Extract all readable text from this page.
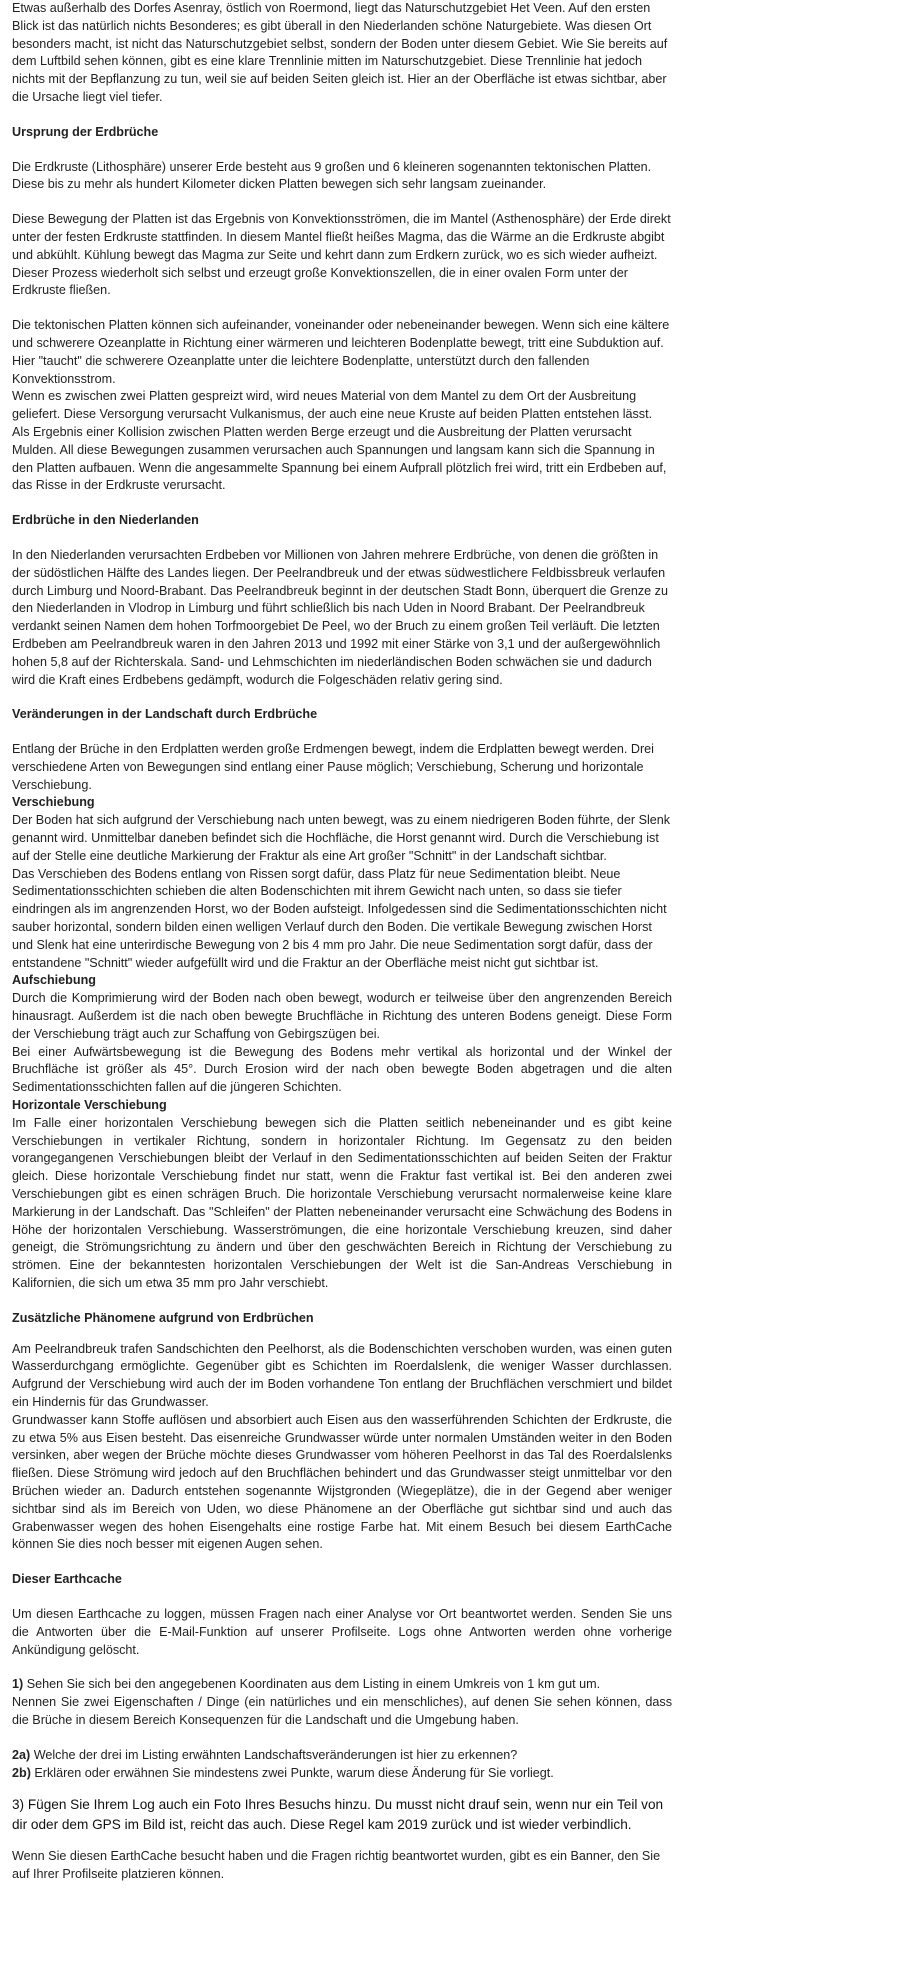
Etwas außerhalb des Dorfes Asenray, östlich von Roermond, liegt das Naturschutzgebiet Het Veen. Auf den ersten Blick ist das natürlich nichts Besonderes; es gibt überall in den Niederlanden schöne Naturgebiete. Was diesen Ort besonders macht, ist nicht das Naturschutzgebiet selbst, sondern der Boden unter diesem Gebiet. Wie Sie bereits auf dem Luftbild sehen können, gibt es eine klare Trennlinie mitten im Naturschutzgebiet. Diese Trennlinie hat jedoch nichts mit der Bepflanzung zu tun, weil sie auf beiden Seiten gleich ist. Hier an der Oberfläche ist etwas sichtbar, aber die Ursache liegt viel tiefer.

Ursprung der Erdbrüche

Die Erdkruste (Lithosphäre) unserer Erde besteht aus 9 großen und 6 kleineren sogenannten tektonischen Platten. Diese bis zu mehr als hundert Kilometer dicken Platten bewegen sich sehr langsam zueinander.

Diese Bewegung der Platten ist das Ergebnis von Konvektionsströmen, die im Mantel (Asthenosphäre) der Erde direkt unter der festen Erdkruste stattfinden. In diesem Mantel fließt heißes Magma, das die Wärme an die Erdkruste abgibt und abkühlt. Kühlung bewegt das Magma zur Seite und kehrt dann zum Erdkern zurück, wo es sich wieder aufheizt. Dieser Prozess wiederholt sich selbst und erzeugt große Konvektionszellen, die in einer ovalen Form unter der Erdkruste fließen.

Die tektonischen Platten können sich aufeinander, voneinander oder nebeneinander bewegen. Wenn sich eine kältere und schwerere Ozeanplatte in Richtung einer wärmeren und leichteren Bodenplatte bewegt, tritt eine Subduktion auf. Hier "taucht" die schwerere Ozeanplatte unter die leichtere Bodenplatte, unterstützt durch den fallenden Konvektionsstrom.

Wenn es zwischen zwei Platten gespreizt wird, wird neues Material von dem Mantel zu dem Ort der Ausbreitung geliefert. Diese Versorgung verursacht Vulkanismus, der auch eine neue Kruste auf beiden Platten entstehen lässt.

Als Ergebnis einer Kollision zwischen Platten werden Berge erzeugt und die Ausbreitung der Platten verursacht Mulden. All diese Bewegungen zusammen verursachen auch Spannungen und langsam kann sich die Spannung in den Platten aufbauen. Wenn die angesammelte Spannung bei einem Aufprall plötzlich frei wird, tritt ein Erdbeben auf, das Risse in der Erdkruste verursacht.

Erdbrüche in den Niederlanden

In den Niederlanden verursachten Erdbeben vor Millionen von Jahren mehrere Erdbrüche, von denen die größten in der südöstlichen Hälfte des Landes liegen. Der Peelrandbreuk und der etwas südwestlichere Feldbissbreuk verlaufen durch Limburg und Noord-Brabant. Das Peelrandbreuk beginnt in der deutschen Stadt Bonn, überquert die Grenze zu den Niederlanden in Vlodrop in Limburg und führt schließlich bis nach Uden in Noord Brabant. Der Peelrandbreuk verdankt seinen Namen dem hohen Torfmoorgebiet De Peel, wo der Bruch zu einem großen Teil verläuft. Die letzten Erdbeben am Peelrandbreuk waren in den Jahren 2013 und 1992 mit einer Stärke von 3,1 und der außergewöhnlich hohen 5,8 auf der Richterskala. Sand- und Lehmschichten im niederländischen Boden schwächen sie und dadurch wird die Kraft eines Erdbebens gedämpft, wodurch die Folgeschäden relativ gering sind.

Veränderungen in der Landschaft durch Erdbrüche

Entlang der Brüche in den Erdplatten werden große Erdmengen bewegt, indem die Erdplatten bewegt werden. Drei verschiedene Arten von Bewegungen sind entlang einer Pause möglich; Verschiebung, Scherung und horizontale Verschiebung.

Verschiebung

Der Boden hat sich aufgrund der Verschiebung nach unten bewegt, was zu einem niedrigeren Boden führte, der Slenk genannt wird. Unmittelbar daneben befindet sich die Hochfläche, die Horst genannt wird. Durch die Verschiebung ist auf der Stelle eine deutliche Markierung der Fraktur als eine Art großer "Schnitt" in der Landschaft sichtbar.

Das Verschieben des Bodens entlang von Rissen sorgt dafür, dass Platz für neue Sedimentation bleibt. Neue Sedimentationsschichten schieben die alten Bodenschichten mit ihrem Gewicht nach unten, so dass sie tiefer eindringen als im angrenzenden Horst, wo der Boden aufsteigt. Infolgedessen sind die Sedimentationsschichten nicht sauber horizontal, sondern bilden einen welligen Verlauf durch den Boden. Die vertikale Bewegung zwischen Horst und Slenk hat eine unterirdische Bewegung von 2 bis 4 mm pro Jahr. Die neue Sedimentation sorgt dafür, dass der entstandene "Schnitt" wieder aufgefüllt wird und die Fraktur an der Oberfläche meist nicht gut sichtbar ist.

Aufschiebung

Durch die Komprimierung wird der Boden nach oben bewegt, wodurch er teilweise über den angrenzenden Bereich hinausragt. Außerdem ist die nach oben bewegte Bruchfläche in Richtung des unteren Bodens geneigt. Diese Form der Verschiebung trägt auch zur Schaffung von Gebirgszügen bei.

Bei einer Aufwärtsbewegung ist die Bewegung des Bodens mehr vertikal als horizontal und der Winkel der Bruchfläche ist größer als 45°. Durch Erosion wird der nach oben bewegte Boden abgetragen und die alten Sedimentationsschichten fallen auf die jüngeren Schichten.

Horizontale Verschiebung

Im Falle einer horizontalen Verschiebung bewegen sich die Platten seitlich nebeneinander und es gibt keine Verschiebungen in vertikaler Richtung, sondern in horizontaler Richtung. Im Gegensatz zu den beiden vorangegangenen Verschiebungen bleibt der Verlauf in den Sedimentationsschichten auf beiden Seiten der Fraktur gleich. Diese horizontale Verschiebung findet nur statt, wenn die Fraktur fast vertikal ist. Bei den anderen zwei Verschiebungen gibt es einen schrägen Bruch. Die horizontale Verschiebung verursacht normalerweise keine klare Markierung in der Landschaft. Das "Schleifen" der Platten nebeneinander verursacht eine Schwächung des Bodens in Höhe der horizontalen Verschiebung. Wasserströmungen, die eine horizontale Verschiebung kreuzen, sind daher geneigt, die Strömungsrichtung zu ändern und über den geschwächten Bereich in Richtung der Verschiebung zu strömen. Eine der bekanntesten horizontalen Verschiebungen der Welt ist die San-Andreas Verschiebung in Kalifornien, die sich um etwa 35 mm pro Jahr verschiebt.

Zusätzliche Phänomene aufgrund von Erdbrüchen

Am Peelrandbreuk trafen Sandschichten den Peelhorst, als die Bodenschichten verschoben wurden, was einen guten Wasserdurchgang ermöglichte. Gegenüber gibt es Schichten im Roerdalslenk, die weniger Wasser durchlassen. Aufgrund der Verschiebung wird auch der im Boden vorhandene Ton entlang der Bruchflächen verschmiert und bildet ein Hindernis für das Grundwasser.

Grundwasser kann Stoffe auflösen und absorbiert auch Eisen aus den wasserführenden Schichten der Erdkruste, die zu etwa 5% aus Eisen besteht. Das eisenreiche Grundwasser würde unter normalen Umständen weiter in den Boden versinken, aber wegen der Brüche möchte dieses Grundwasser vom höheren Peelhorst in das Tal des Roerdalslenks fließen. Diese Strömung wird jedoch auf den Bruchflächen behindert und das Grundwasser steigt unmittelbar vor den Brüchen wieder an. Dadurch entstehen sogenannte Wijstgronden (Wiegeplätze), die in der Gegend aber weniger sichtbar sind als im Bereich von Uden, wo diese Phänomene an der Oberfläche gut sichtbar sind und auch das Grabenwasser wegen des hohen Eisengehalts eine rostige Farbe hat. Mit einem Besuch bei diesem EarthCache können Sie dies noch besser mit eigenen Augen sehen.

Dieser Earthcache

Um diesen Earthcache zu loggen, müssen Fragen nach einer Analyse vor Ort beantwortet werden. Senden Sie uns die Antworten über die E-Mail-Funktion auf unserer Profilseite. Logs ohne Antworten werden ohne vorherige Ankündigung gelöscht.

1) Sehen Sie sich bei den angegebenen Koordinaten aus dem Listing in einem Umkreis von 1 km gut um.

Nennen Sie zwei Eigenschaften / Dinge (ein natürliches und ein menschliches), auf denen Sie sehen können, dass die Brüche in diesem Bereich Konsequenzen für die Landschaft und die Umgebung haben.

2a) Welche der drei im Listing erwähnten Landschaftsveränderungen ist hier zu erkennen?

2b) Erklären oder erwähnen Sie mindestens zwei Punkte, warum diese Änderung für Sie vorliegt.

3) Fügen Sie Ihrem Log auch ein Foto Ihres Besuchs hinzu. Du musst nicht drauf sein, wenn nur ein Teil von dir oder dem GPS im Bild ist, reicht das auch. Diese Regel kam 2019 zurück und ist wieder verbindlich.

Wenn Sie diesen EarthCache besucht haben und die Fragen richtig beantwortet wurden, gibt es ein Banner, den Sie auf Ihrer Profilseite platzieren können.
